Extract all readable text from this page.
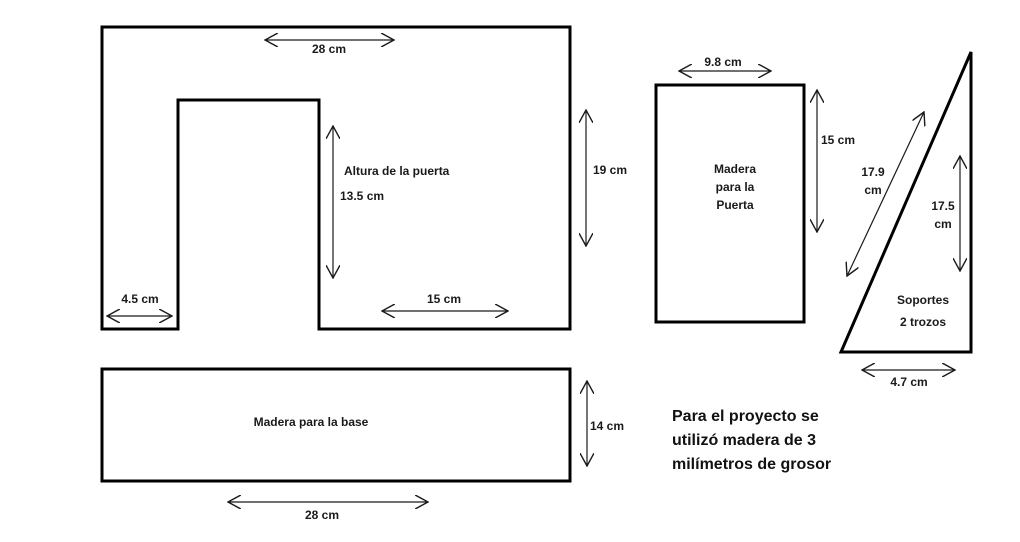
28 cm
19 cm
Altura de la puerta
13.5 cm
4.5 cm	15 cm
Madera para la base	14 cm
28 cm
Madera
para la
Puerta
9.8 cm
15 cm
17.9
cm
17.5
cm
Soportes
2 trozos
4.7 cm
Para el proyecto se
utilizó madera de 3
milímetros de grosor
